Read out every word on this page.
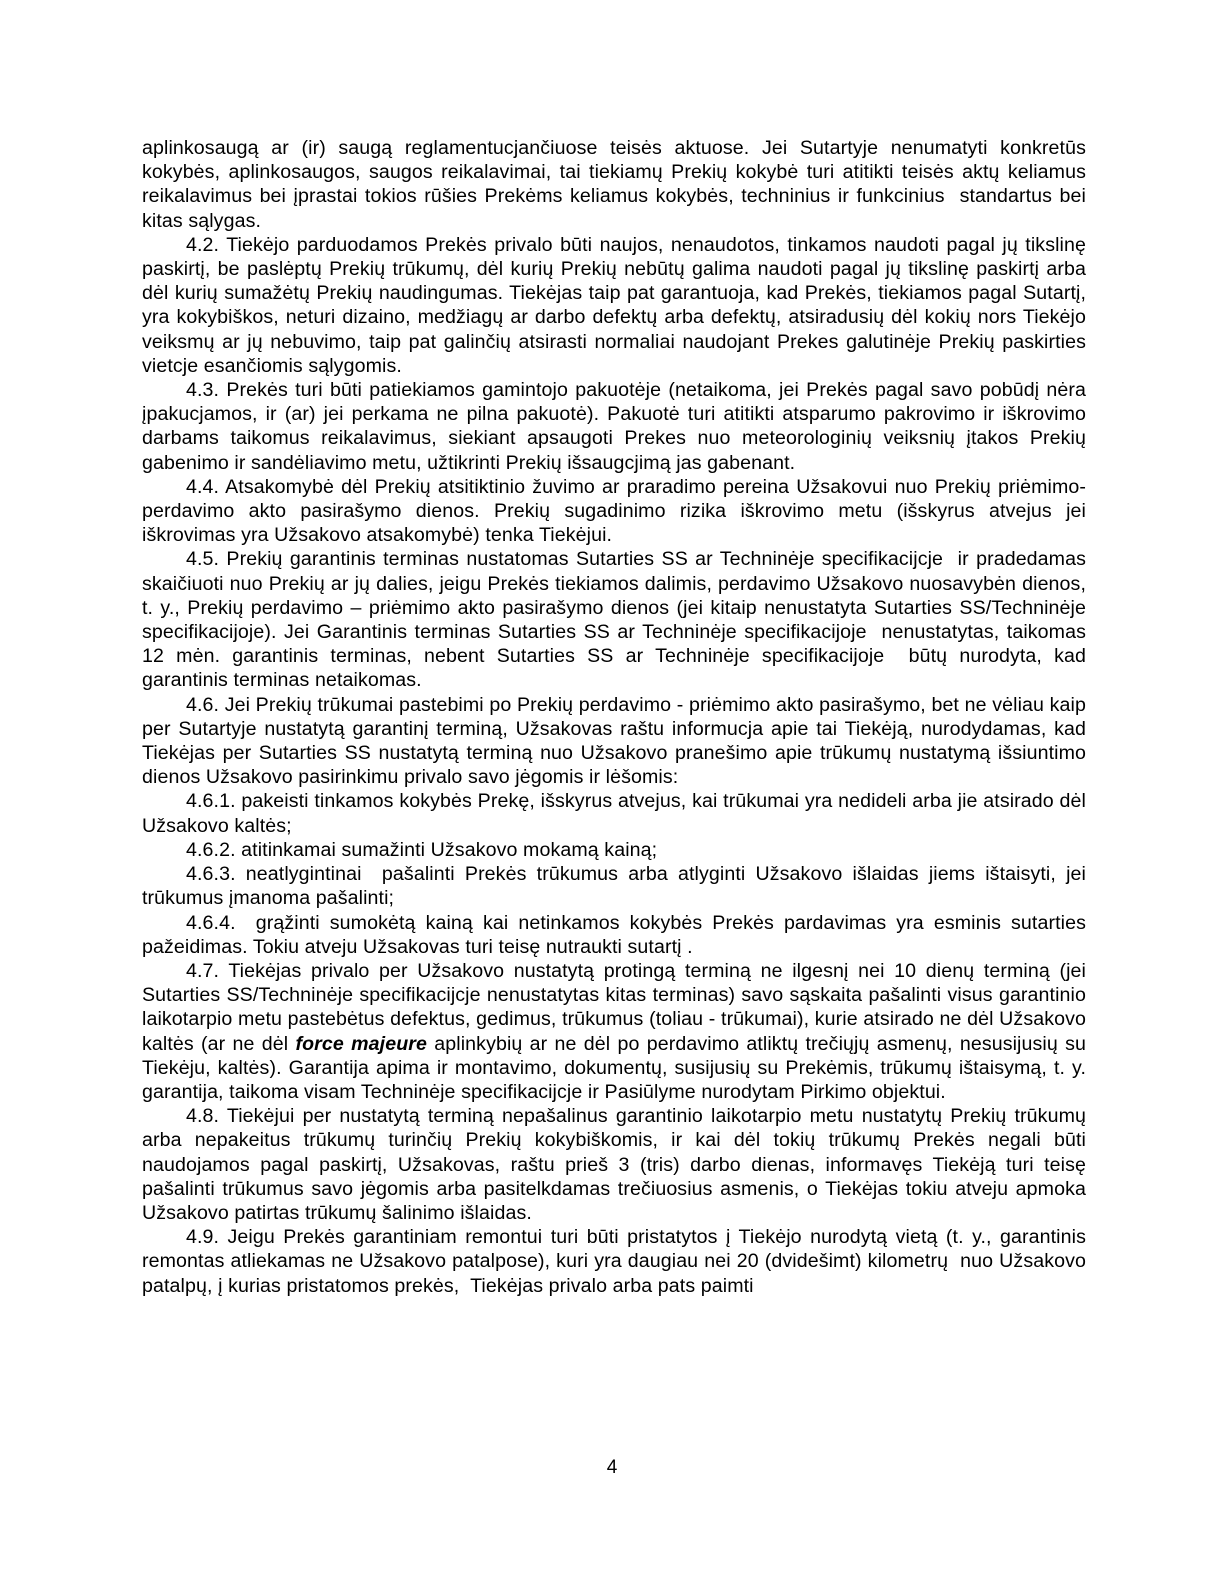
aplinkosaugą ar (ir) saugą reglamentucjančiuose teisės aktuose. Jei Sutartyje nenumatyti konkretūs kokybės, aplinkosaugos, saugos reikalavimai, tai tiekiamų Prekių kokybė turi atitikti teisės aktų keliamus reikalavimus bei įprastai tokios rūšies Prekėms keliamus kokybės, techninius ir funkcinius  standartus bei kitas sąlygas.

4.2. Tiekėjo parduodamos Prekės privalo būti naujos, nenaudotos, tinkamos naudoti pagal jų tikslinę paskirtį, be paslėptų Prekių trūkumų, dėl kurių Prekių nebūtų galima naudoti pagal jų tikslinę paskirtį arba dėl kurių sumažėtų Prekių naudingumas. Tiekėjas taip pat garantuoja, kad Prekės, tiekiamos pagal Sutartį, yra kokybiškos, neturi dizaino, medžiagų ar darbo defektų arba defektų, atsiradusių dėl kokių nors Tiekėjo veiksmų ar jų nebuvimo, taip pat galinčių atsirasti normaliai naudojant Prekes galutinėje Prekių paskirties vietcje esančiomis sąlygomis.

4.3. Prekės turi būti patiekiamos gamintojo pakuotėje (netaikoma, jei Prekės pagal savo pobūdį nėra įpakucjamos, ir (ar) jei perkama ne pilna pakuotė). Pakuotė turi atitikti atsparumo pakrovimo ir iškrovimo darbams taikomus reikalavimus, siekiant apsaugoti Prekes nuo meteorologinių veiksnių įtakos Prekių gabenimo ir sandėliavimo metu, užtikrinti Prekių išsaugcjimą jas gabenant.

4.4. Atsakomybė dėl Prekių atsitiktinio žuvimo ar praradimo pereina Užsakovui nuo Prekių priėmimo-perdavimo akto pasirašymo dienos. Prekių sugadinimo rizika iškrovimo metu (išskyrus atvejus jei iškrovimas yra Užsakovo atsakomybė) tenka Tiekėjui.

4.5. Prekių garantinis terminas nustatomas Sutarties SS ar Techninėje specifikacijcje  ir pradedamas skaičiuoti nuo Prekių ar jų dalies, jeigu Prekės tiekiamos dalimis, perdavimo Užsakovo nuosavybėn dienos, t. y., Prekių perdavimo – priėmimo akto pasirašymo dienos (jei kitaip nenustatyta Sutarties SS/Techninėje specifikacijoje). Jei Garantinis terminas Sutarties SS ar Techninėje specifikacijoje  nenustatytas, taikomas 12 mėn. garantinis terminas, nebent Sutarties SS ar Techninėje specifikacijoje  būtų nurodyta, kad garantinis terminas netaikomas.

4.6. Jei Prekių trūkumai pastebimi po Prekių perdavimo - priėmimo akto pasirašymo, bet ne vėliau kaip per Sutartyje nustatytą garantinį terminą, Užsakovas raštu informucja apie tai Tiekėją, nurodydamas, kad Tiekėjas per Sutarties SS nustatytą terminą nuo Užsakovo pranešimo apie trūkumų nustatymą išsiuntimo dienos Užsakovo pasirinkimu privalo savo jėgomis ir lėšomis:

4.6.1. pakeisti tinkamos kokybės Prekę, išskyrus atvejus, kai trūkumai yra nedideli arba jie atsirado dėl Užsakovo kaltės;

4.6.2. atitinkamai sumažinti Užsakovo mokamą kainą;

4.6.3. neatlygintinai  pašalinti Prekės trūkumus arba atlyginti Užsakovo išlaidas jiems ištaisyti, jei trūkumus įmanoma pašalinti;

4.6.4.  grąžinti sumokėtą kainą kai netinkamos kokybės Prekės pardavimas yra esminis sutarties pažeidimas. Tokiu atveju Užsakovas turi teisę nutraukti sutartį .

4.7. Tiekėjas privalo per Užsakovo nustatytą protingą terminą ne ilgesnį nei 10 dienų terminą (jei Sutarties SS/Techninėje specifikacijcje nenustatytas kitas terminas) savo sąskaita pašalinti visus garantinio laikotarpio metu pastebėtus defektus, gedimus, trūkumus (toliau - trūkumai), kurie atsirado ne dėl Užsakovo kaltės (ar ne dėl force majeure aplinkybių ar ne dėl po perdavimo atliktų trečiųjų asmenų, nesusijusių su Tiekėju, kaltės). Garantija apima ir montavimo, dokumentų, susijusių su Prekėmis, trūkumų ištaisymą, t. y. garantija, taikoma visam Techninėje specifikacijcje ir Pasiūlyme nurodytam Pirkimo objektui.

4.8. Tiekėjui per nustatytą terminą nepašalinus garantinio laikotarpio metu nustatytų Prekių trūkumų arba nepakeitus trūkumų turinčių Prekių kokybiškomis, ir kai dėl tokių trūkumų Prekės negali būti naudojamos pagal paskirtį, Užsakovas, raštu prieš 3 (tris) darbo dienas, informavęs Tiekėją turi teisę pašalinti trūkumus savo jėgomis arba pasitelkdamas trečiuosius asmenis, o Tiekėjas tokiu atveju apmoka Užsakovo patirtas trūkumų šalinimo išlaidas.

4.9. Jeigu Prekės garantiniam remontui turi būti pristatytos į Tiekėjo nurodytą vietą (t. y., garantinis remontas atliekamas ne Užsakovo patalpose), kuri yra daugiau nei 20 (dvidešimt) kilometrų  nuo Užsakovo patalpų, į kurias pristatomos prekės,  Tiekėjas privalo arba pats paimti

4
